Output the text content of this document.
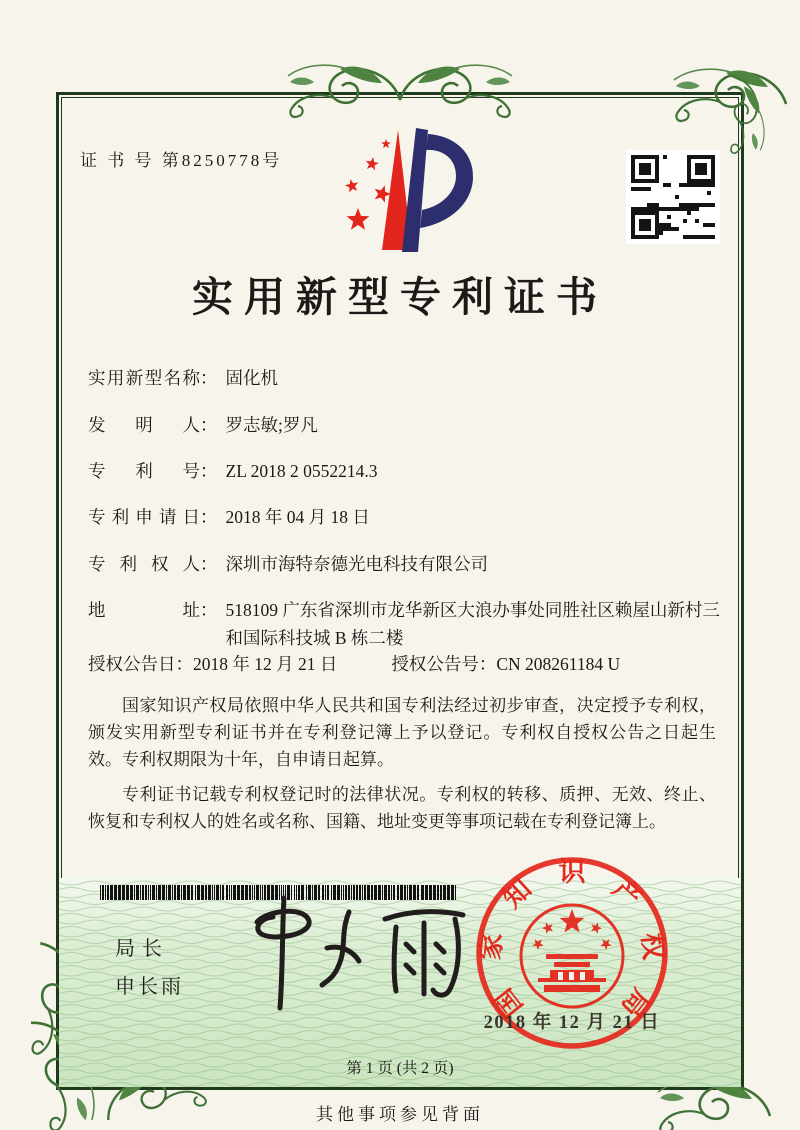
证 书 号 第8250778号
实用新型专利证书
实用新型名称 ： 固化机
发明人 ： 罗志敏;罗凡
专利号 ： ZL 2018 2 0552214.3
专利申请日 ： 2018 年 04 月 18 日
专利权人 ： 深圳市海特奈德光电科技有限公司
地址 ： 518109 广东省深圳市龙华新区大浪办事处同胜社区赖屋山新村三和国际科技城 B 栋二楼
授权公告日 ： 2018 年 12 月 21 日	授权公告号 ： CN 208261184 U

国家知识产权局依照中华人民共和国专利法经过初步审查，决定授予专利权，颁发实用新型专利证书并在专利登记簿上予以登记。专利权自授权公告之日起生效。专利权期限为十年，自申请日起算。

专利证书记载专利权登记时的法律状况。专利权的转移、质押、无效、终止、恢复和专利权人的姓名或名称、国籍、地址变更等事项记载在专利登记簿上。

局长
申长雨
第 1 页 (共 2 页)
国
家
知
识
产
权
局
2018 年 12 月 21 日
其他事项参见背面
